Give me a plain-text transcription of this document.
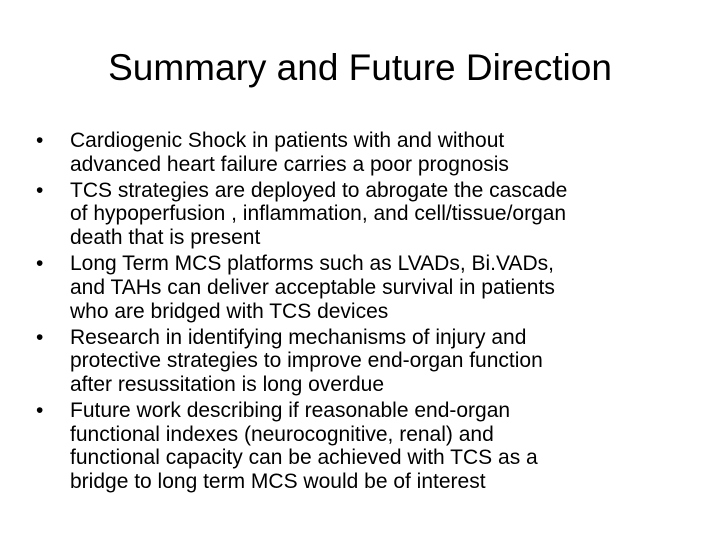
Summary and Future Direction
•	Cardiogenic Shock in patients with and without
advanced heart failure carries a poor prognosis
•	TCS strategies are deployed to abrogate the cascade
of hypoperfusion , inflammation, and cell/tissue/organ
death that is present
•	Long Term MCS platforms such as LVADs, Bi.VADs,
and TAHs can deliver acceptable survival in patients
who are bridged with TCS devices
•	Research in identifying mechanisms of injury and
protective strategies to improve end-organ function
after resussitation is long overdue
•	Future work describing if reasonable end-organ
functional indexes (neurocognitive, renal) and
functional capacity can be achieved with TCS as a
bridge to long term MCS would be of interest
